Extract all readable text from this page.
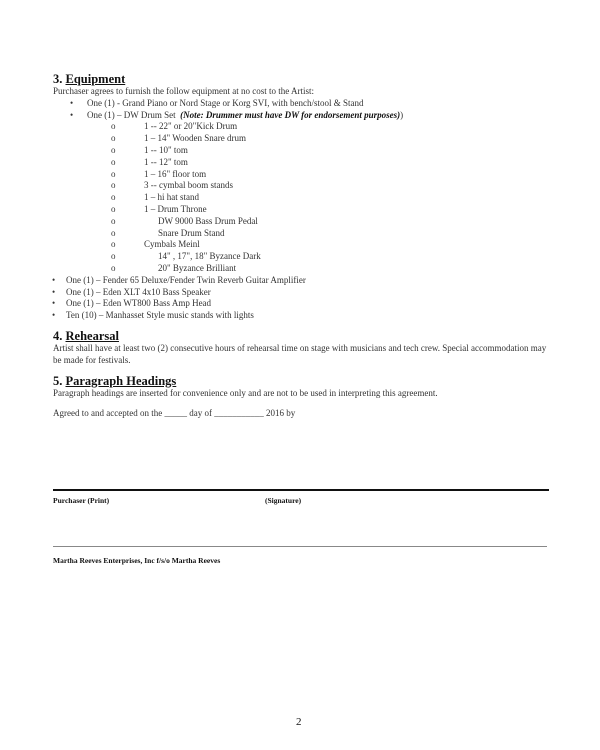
3. Equipment

Purchaser agrees to furnish the follow equipment at no cost to the Artist:

• One (1) - Grand Piano or Nord Stage or Korg SVI, with bench/stool & Stand
• One (1) – DW Drum Set (Note: Drummer must have DW for endorsement purposes))
o	1 -- 22" or 20"Kick Drum
o	1 – 14" Wooden Snare drum
o	1 -- 10" tom
o	1 -- 12" tom
o	1 – 16" floor tom
o	3 -- cymbal boom stands
o	1 – hi hat stand
o	1 – Drum Throne
o	DW 9000 Bass Drum Pedal
o	Snare Drum Stand
o	Cymbals Meinl
o	14" , 17", 18" Byzance Dark
o	20" Byzance Brilliant
• One (1) – Fender 65 Deluxe/Fender Twin Reverb Guitar Amplifier
• One (1) – Eden XLT 4x10 Bass Speaker
• One (1) – Eden WT800 Bass Amp Head
• Ten (10) – Manhasset Style music stands with lights
4. Rehearsal

Artist shall have at least two (2) consecutive hours of rehearsal time on stage with musicians and tech crew. Special accommodation may be made for festivals.

5. Paragraph Headings

Paragraph headings are inserted for convenience only and are not to be used in interpreting this agreement.

Agreed to and accepted on the _____ day of ___________ 2016 by

Purchaser (Print)	(Signature)
Martha Reeves Enterprises, Inc f/s/o Martha Reeves
2
